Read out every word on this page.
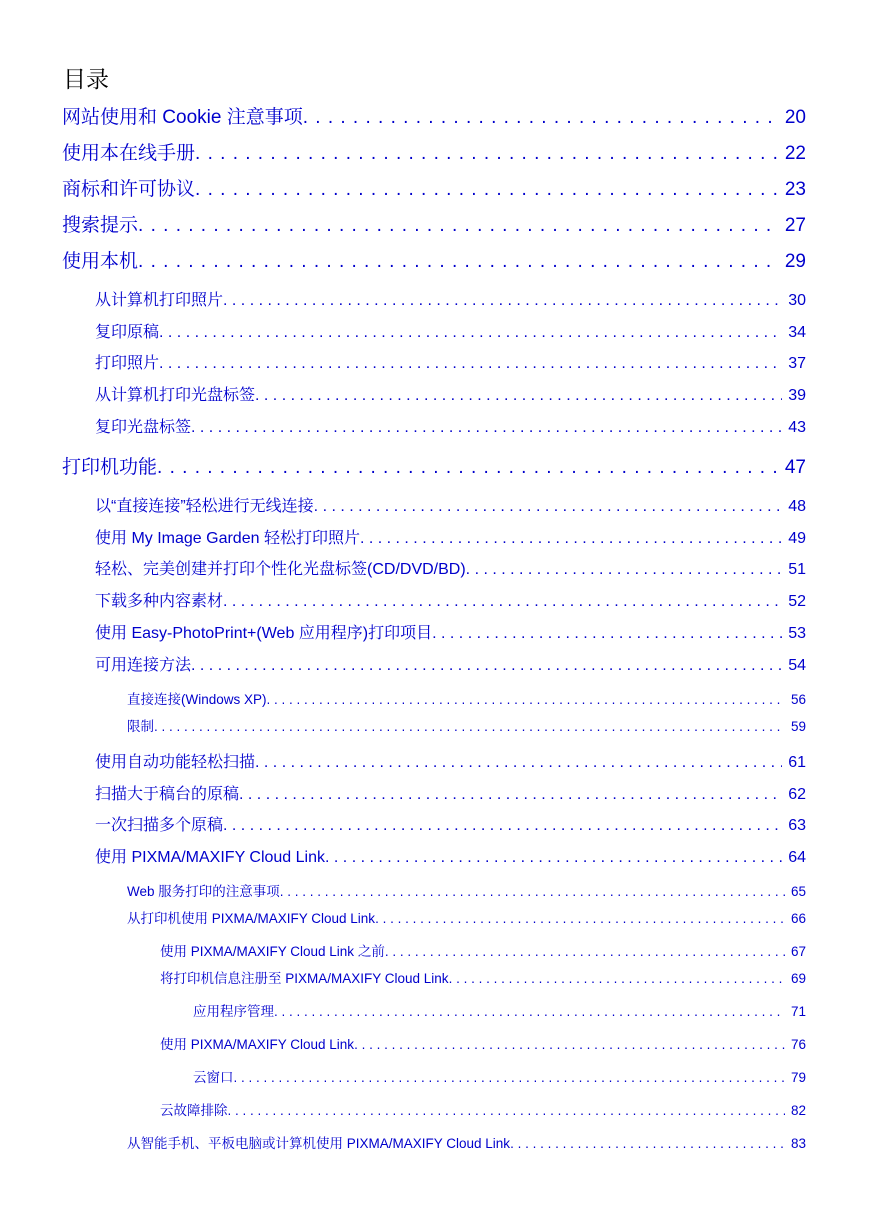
目录
网站使用和 Cookie 注意事项 . . .	20
使用本在线手册 . . .	22
商标和许可协议 . . .	23
搜索提示 . . .	27
使用本机 . . .	29
从计算机打印照片 . . .	30
复印原稿 . . .	34
打印照片 . . .	37
从计算机打印光盘标签 . . .	39
复印光盘标签 . . .	43
打印机功能 . . .	47
以“直接连接”轻松进行无线连接 . . .	48
使用 My Image Garden 轻松打印照片 . . .	49
轻松、完美创建并打印个性化光盘标签(CD/DVD/BD) . . .	51
下载多种内容素材 . . .	52
使用 Easy-PhotoPrint+(Web 应用程序)打印项目 . . .	53
可用连接方法 . . .	54
直接连接(Windows XP) . . .	56
限制 . . .	59
使用自动功能轻松扫描 . . .	61
扫描大于稿台的原稿 . . .	62
一次扫描多个原稿 . . .	63
使用 PIXMA/MAXIFY Cloud Link . . .	64
Web 服务打印的注意事项 . . .	65
从打印机使用 PIXMA/MAXIFY Cloud Link . . .	66
使用 PIXMA/MAXIFY Cloud Link 之前 . . .	67
将打印机信息注册至 PIXMA/MAXIFY Cloud Link . . .	69
应用程序管理 . . .	71
使用 PIXMA/MAXIFY Cloud Link . . .	76
云窗口 . . .	79
云故障排除 . . .	82
从智能手机、平板电脑或计算机使用 PIXMA/MAXIFY Cloud Link . . .	83
